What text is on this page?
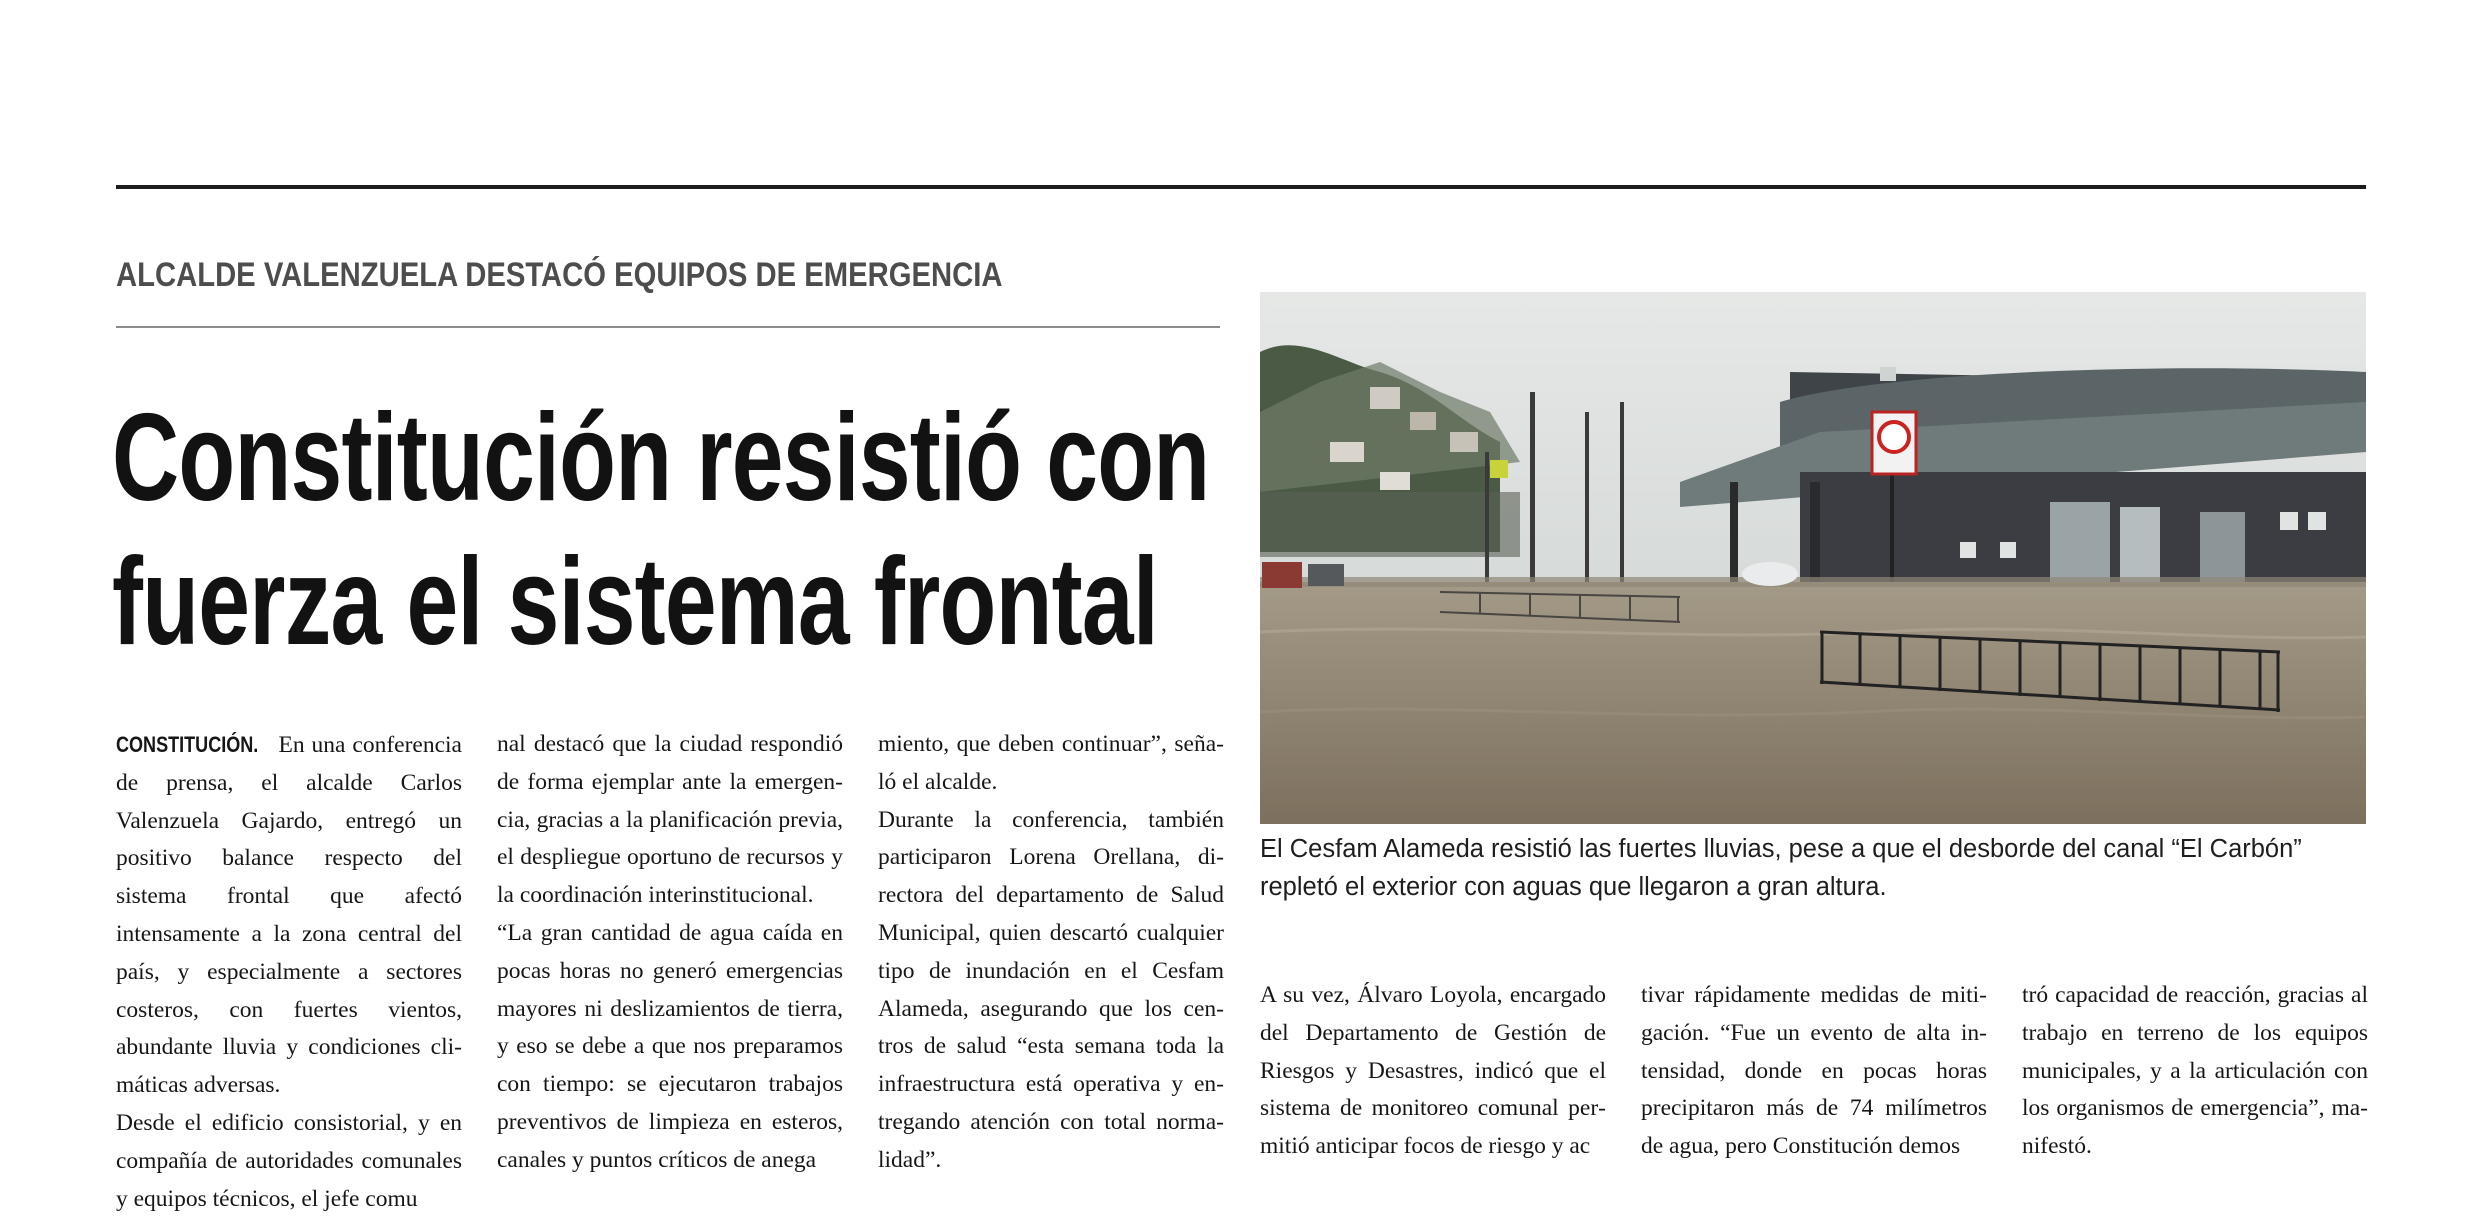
ALCALDE VALENZUELA DESTACÓ EQUIPOS DE EMERGENCIA
Constitución resistió con
fuerza el sistema frontal

CONSTITUCIÓN. En una conferencia de prensa, el alcalde Carlos Valenzuela Gajardo, entregó un positivo balance respecto del sistema frontal que afectó intensamente a la zona central del país, y especialmente a sectores costeros, con fuertes vientos, abundante lluvia y condiciones climáticas adversas.

Desde el edificio consistorial, y en compañía de autoridades comunales y equipos técnicos, el jefe comu

nal destacó que la ciudad respondió de forma ejemplar ante la emergencia, gracias a la planificación previa, el despliegue oportuno de recursos y la coordinación interinstitucional.

“La gran cantidad de agua caída en pocas horas no generó emergencias mayores ni deslizamientos de tierra, y eso se debe a que nos preparamos con tiempo: se ejecutaron trabajos preventivos de limpieza en esteros, canales y puntos críticos de anega

miento, que deben continuar”, señaló el alcalde.

Durante la conferencia, también participaron Lorena Orellana, directora del departamento de Salud Municipal, quien descartó cualquier tipo de inundación en el Cesfam Alameda, asegurando que los centros de salud “esta semana toda la infraestructura está operativa y entregando atención con total normalidad”.

El Cesfam Alameda resistió las fuertes lluvias, pese a que el desborde del canal “El Carbón”
repletó el exterior con aguas que llegaron a gran altura.

A su vez, Álvaro Loyola, encargado del Departamento de Gestión de Riesgos y Desastres, indicó que el sistema de monitoreo comunal permitió anticipar focos de riesgo y ac

tivar rápidamente medidas de mitigación. “Fue un evento de alta intensidad, donde en pocas horas precipitaron más de 74 milímetros de agua, pero Constitución demos

tró capacidad de reacción, gracias al trabajo en terreno de los equipos municipales, y a la articulación con los organismos de emergencia”, manifestó.
